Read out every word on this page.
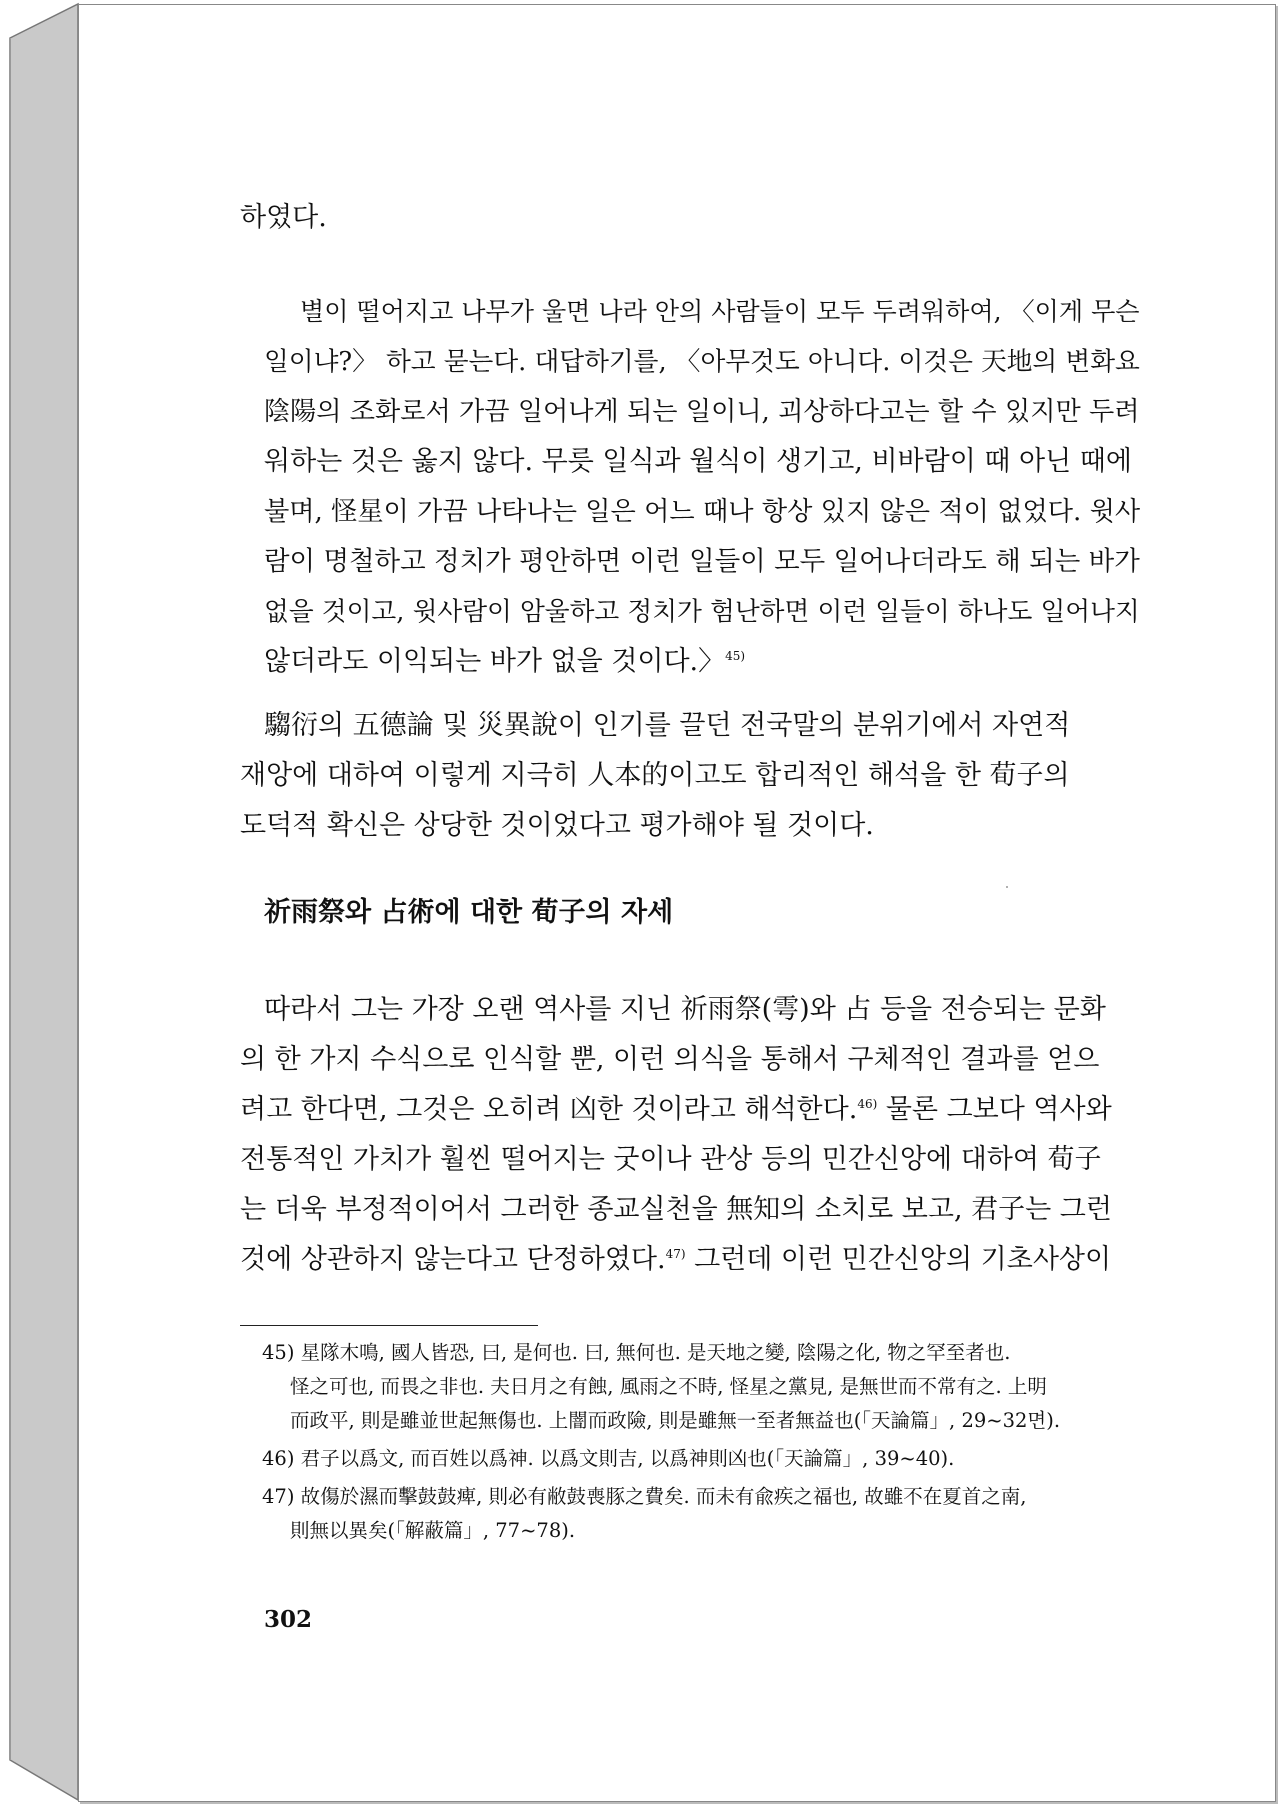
하였다.
별이 떨어지고 나무가 울면 나라 안의 사람들이 모두 두려워하여, 〈이게 무슨
일이냐?〉 하고 묻는다. 대답하기를, 〈아무것도 아니다. 이것은 天地의 변화요
陰陽의 조화로서 가끔 일어나게 되는 일이니, 괴상하다고는 할 수 있지만 두려
워하는 것은 옳지 않다. 무릇 일식과 월식이 생기고, 비바람이 때 아닌 때에
불며, 怪星이 가끔 나타나는 일은 어느 때나 항상 있지 않은 적이 없었다. 윗사
람이 명철하고 정치가 평안하면 이런 일들이 모두 일어나더라도 해 되는 바가
없을 것이고, 윗사람이 암울하고 정치가 험난하면 이런 일들이 하나도 일어나지
않더라도 이익되는 바가 없을 것이다.〉$^{45)}$
騶衍의 五德論 및 災異說이 인기를 끌던 전국말의 분위기에서 자연적
재앙에 대하여 이렇게 지극히 人本的이고도 합리적인 해석을 한 荀子의
도덕적 확신은 상당한 것이었다고 평가해야 될 것이다.
祈雨祭와 占術에 대한 荀子의 자세
따라서 그는 가장 오랜 역사를 지닌 祈雨祭(雩)와 占 등을 전승되는 문화
의 한 가지 수식으로 인식할 뿐, 이런 의식을 통해서 구체적인 결과를 얻으
려고 한다면, 그것은 오히려 凶한 것이라고 해석한다.$^{46)}$ 물론 그보다 역사와
전통적인 가치가 훨씬 떨어지는 굿이나 관상 등의 민간신앙에 대하여 荀子
는 더욱 부정적이어서 그러한 종교실천을 無知의 소치로 보고, 君子는 그런
것에 상관하지 않는다고 단정하였다.$^{47)}$ 그런데 이런 민간신앙의 기초사상이
45) 星隊木鳴, 國人皆恐, 曰, 是何也. 曰, 無何也. 是天地之變, 陰陽之化, 物之罕至者也.
怪之可也, 而畏之非也. 夫日月之有蝕, 風雨之不時, 怪星之黨見, 是無世而不常有之. 上明
而政平, 則是雖並世起無傷也. 上闇而政險, 則是雖無一至者無益也(「天論篇」, 29~32면).
46) 君子以爲文, 而百姓以爲神. 以爲文則吉, 以爲神則凶也(「天論篇」, 39~40).
47) 故傷於濕而擊鼓鼓痺, 則必有敝鼓喪豚之費矣. 而未有兪疾之福也, 故雖不在夏首之南,
則無以異矣(「解蔽篇」, 77~78).
302
